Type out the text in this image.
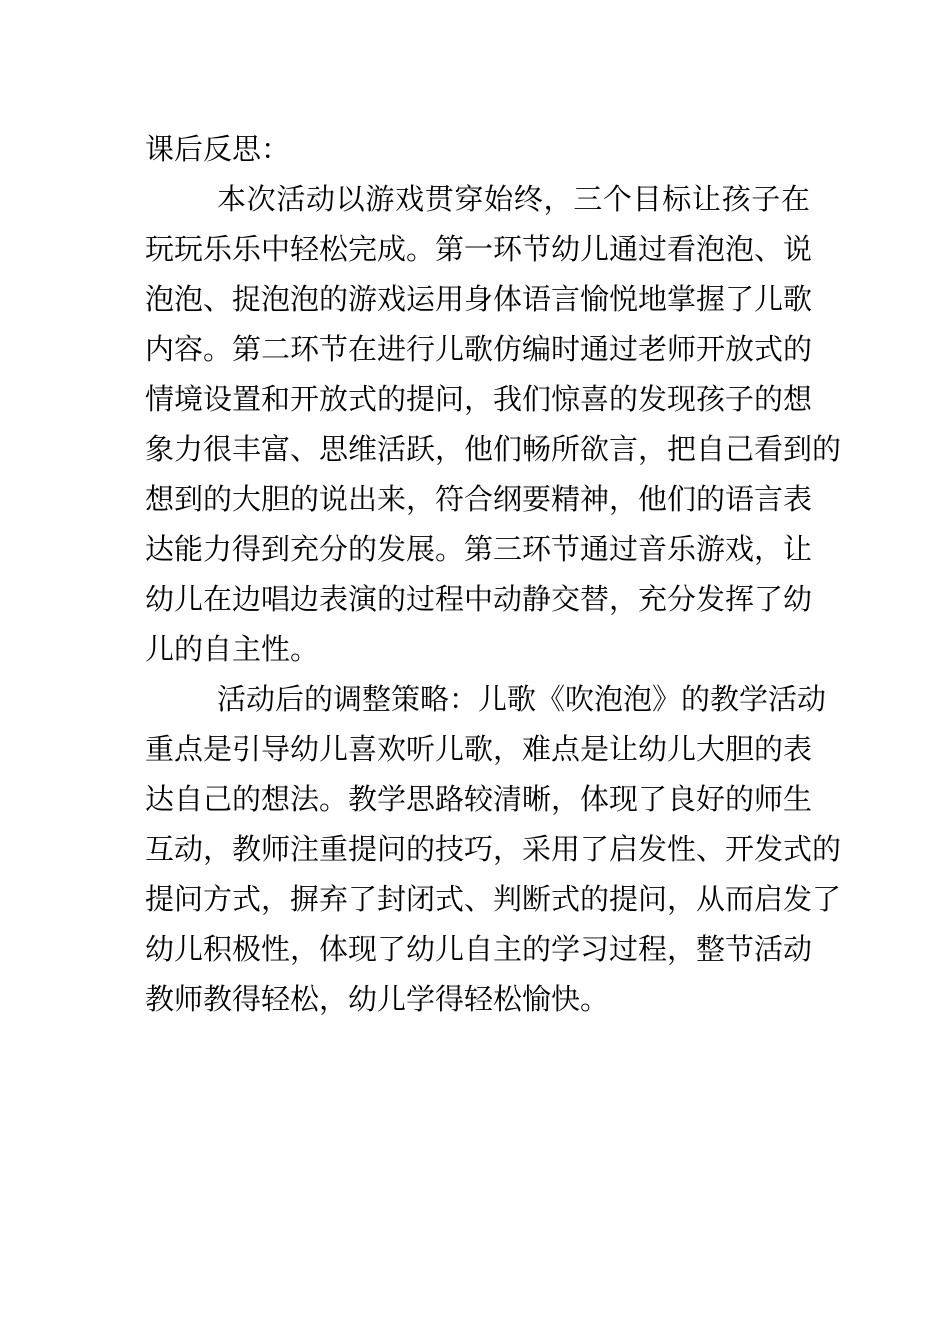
课后反思：
本次活动以游戏贯穿始终，三个目标让孩子在
玩玩乐乐中轻松完成。第一环节幼儿通过看泡泡、说
泡泡、捉泡泡的游戏运用身体语言愉悦地掌握了儿歌
内容。第二环节在进行儿歌仿编时通过老师开放式的
情境设置和开放式的提问，我们惊喜的发现孩子的想
象力很丰富、思维活跃，他们畅所欲言，把自己看到的
想到的大胆的说出来，符合纲要精神，他们的语言表
达能力得到充分的发展。第三环节通过音乐游戏，让
幼儿在边唱边表演的过程中动静交替，充分发挥了幼
儿的自主性。
活动后的调整策略：儿歌《吹泡泡》的教学活动
重点是引导幼儿喜欢听儿歌，难点是让幼儿大胆的表
达自己的想法。教学思路较清晰，体现了良好的师生
互动，教师注重提问的技巧，采用了启发性、开发式的
提问方式，摒弃了封闭式、判断式的提问，从而启发了
幼儿积极性，体现了幼儿自主的学习过程，整节活动
教师教得轻松，幼儿学得轻松愉快。
